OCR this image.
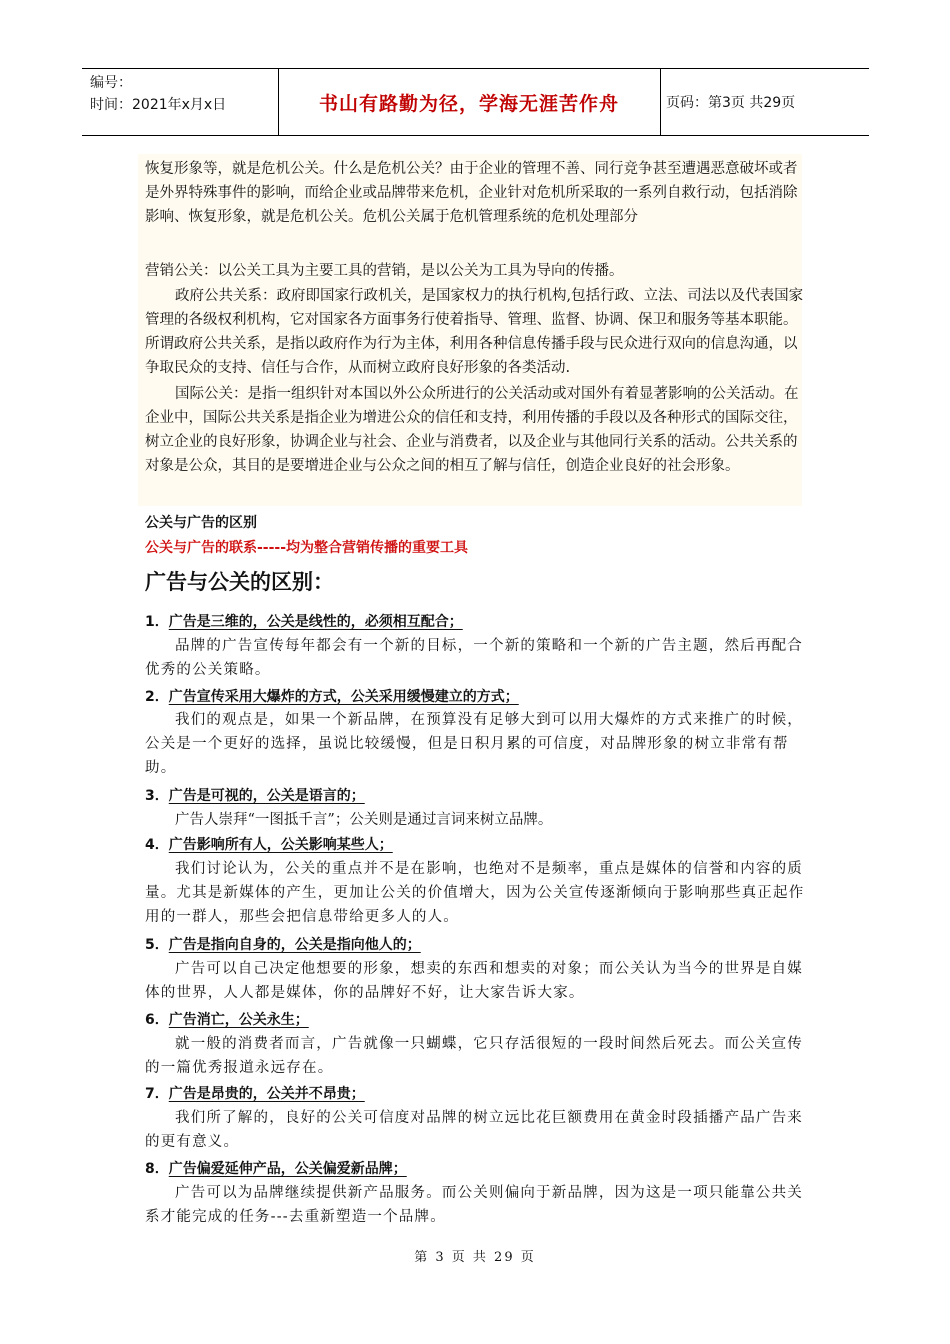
编号：
时间：2021年x月x日	书山有路勤为径，学海无涯苦作舟	页码：第3页 共29页

恢复形象等，就是危机公关。什么是危机公关？由于企业的管理不善、同行竞争甚至遭遇恶意破坏或者是外界特殊事件的影响，而给企业或品牌带来危机，企业针对危机所采取的一系列自救行动，包括消除影响、恢复形象，就是危机公关。危机公关属于危机管理系统的危机处理部分

营销公关：以公关工具为主要工具的营销，是以公关为工具为导向的传播。

政府公共关系：政府即国家行政机关，是国家权力的执行机构,包括行政、立法、司法以及代表国家管理的各级权利机构，它对国家各方面事务行使着指导、管理、监督、协调、保卫和服务等基本职能。所谓政府公共关系，是指以政府作为行为主体，利用各种信息传播手段与民众进行双向的信息沟通，以争取民众的支持、信任与合作，从而树立政府良好形象的各类活动.

国际公关：是指一组织针对本国以外公众所进行的公关活动或对国外有着显著影响的公关活动。在企业中，国际公共关系是指企业为增进公众的信任和支持，利用传播的手段以及各种形式的国际交往，树立企业的良好形象，协调企业与社会、企业与消费者，以及企业与其他同行关系的活动。公共关系的对象是公众，其目的是要增进企业与公众之间的相互了解与信任，创造企业良好的社会形象。

公关与广告的区别
公关与广告的联系-----均为整合营销传播的重要工具
广告与公关的区别：
1．广告是三维的，公关是线性的，必须相互配合；

品牌的广告宣传每年都会有一个新的目标，一个新的策略和一个新的广告主题，然后再配合优秀的公关策略。

2．广告宣传采用大爆炸的方式，公关采用缓慢建立的方式；

我们的观点是，如果一个新品牌，在预算没有足够大到可以用大爆炸的方式来推广的时候，公关是一个更好的选择，虽说比较缓慢，但是日积月累的可信度，对品牌形象的树立非常有帮助。

3．广告是可视的，公关是语言的；

广告人崇拜“一图抵千言”；公关则是通过言词来树立品牌。

4．广告影响所有人，公关影响某些人；

我们讨论认为，公关的重点并不是在影响，也绝对不是频率，重点是媒体的信誉和内容的质量。尤其是新媒体的产生，更加让公关的价值增大，因为公关宣传逐渐倾向于影响那些真正起作用的一群人，那些会把信息带给更多人的人。

5．广告是指向自身的，公关是指向他人的；

广告可以自己决定他想要的形象，想卖的东西和想卖的对象；而公关认为当今的世界是自媒体的世界，人人都是媒体，你的品牌好不好，让大家告诉大家。

6．广告消亡，公关永生；

就一般的消费者而言，广告就像一只蝴蝶，它只存活很短的一段时间然后死去。而公关宣传的一篇优秀报道永远存在。

7．广告是昂贵的，公关并不昂贵；

我们所了解的，良好的公关可信度对品牌的树立远比花巨额费用在黄金时段插播产品广告来的更有意义。

8．广告偏爱延伸产品，公关偏爱新品牌；

广告可以为品牌继续提供新产品服务。而公关则偏向于新品牌，因为这是一项只能靠公共关系才能完成的任务---去重新塑造一个品牌。

第 3 页 共 29 页
